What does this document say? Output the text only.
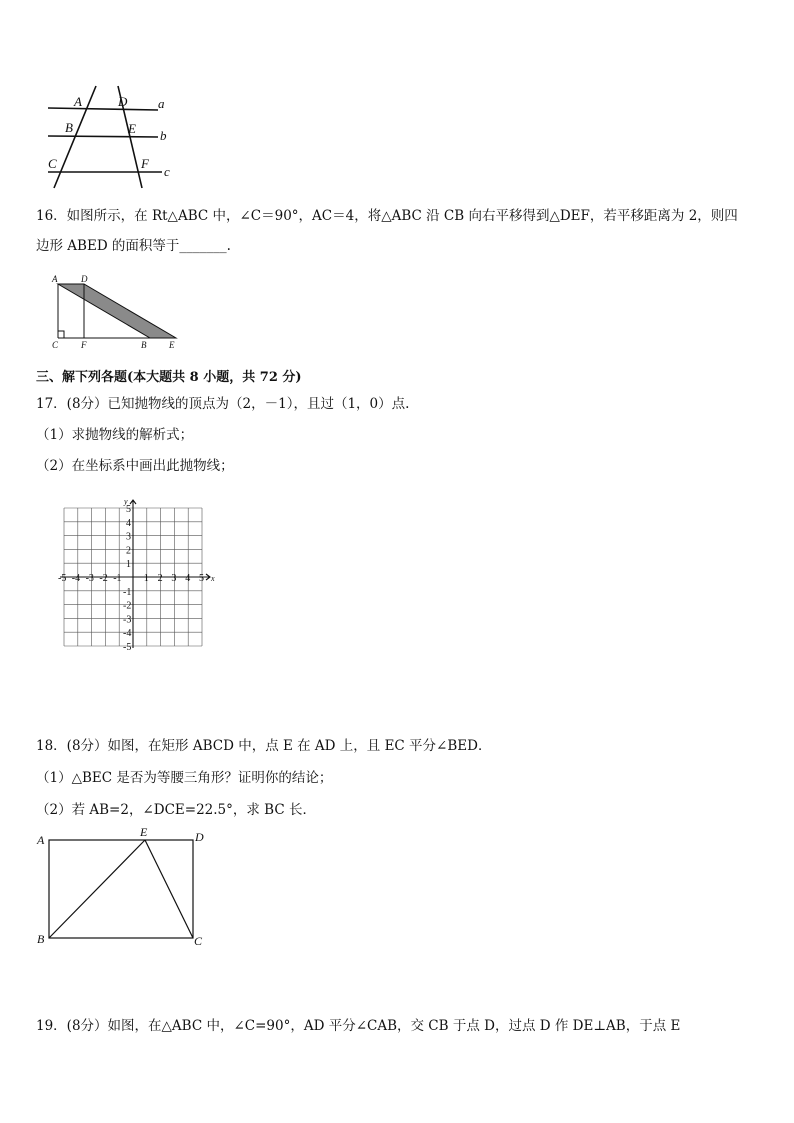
A	D
B	E
C	F
a
b
c
16．如图所示，在 Rt△ABC 中，∠C＝90°，AC＝4，将△ABC 沿 CB 向右平移得到△DEF，若平移距离为 2，则四
边形 ABED 的面积等于_______.
A	D
C	F	B	E
三、解下列各题(本大题共 8 小题，共 72 分)
17．(8分）已知抛物线的顶点为（2，－1），且过（1，0）点.
（1）求抛物线的解析式；
（2）在坐标系中画出此抛物线；
-5 -4 -3 -2 -1 1 2 3 4 5
5
4
3
2
1
-1
-2
-3
-4
-5
x
y
18．(8分）如图，在矩形 ABCD 中，点 E 在 AD 上，且 EC 平分∠BED．
（1）△BEC 是否为等腰三角形？证明你的结论；
（2）若 AB=2，∠DCE=22.5°，求 BC 长．
A
E	D
B	C
19．(8分）如图，在△ABC 中，∠C=90°，AD 平分∠CAB，交 CB 于点 D，过点 D 作 DE⊥AB，于点 E
